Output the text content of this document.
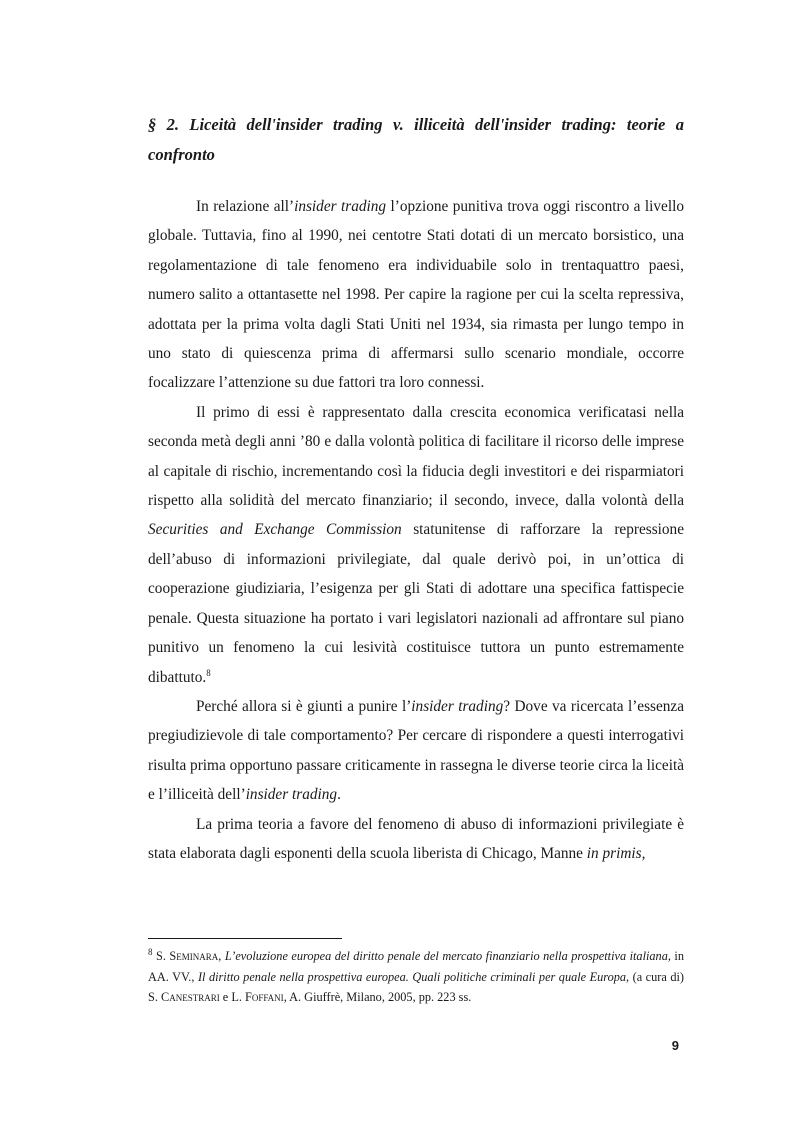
§ 2. Liceità dell'insider trading v. illiceità dell'insider trading: teorie a confronto

In relazione all’insider trading l’opzione punitiva trova oggi riscontro a livello globale. Tuttavia, fino al 1990, nei centotre Stati dotati di un mercato borsistico, una regolamentazione di tale fenomeno era individuabile solo in trentaquattro paesi, numero salito a ottantasette nel 1998. Per capire la ragione per cui la scelta repressiva, adottata per la prima volta dagli Stati Uniti nel 1934, sia rimasta per lungo tempo in uno stato di quiescenza prima di affermarsi sullo scenario mondiale, occorre focalizzare l’attenzione su due fattori tra loro connessi.

Il primo di essi è rappresentato dalla crescita economica verificatasi nella seconda metà degli anni ’80 e dalla volontà politica di facilitare il ricorso delle imprese al capitale di rischio, incrementando così la fiducia degli investitori e dei risparmiatori rispetto alla solidità del mercato finanziario; il secondo, invece, dalla volontà della Securities and Exchange Commission statunitense di rafforzare la repressione dell’abuso di informazioni privilegiate, dal quale derivò poi, in un’ottica di cooperazione giudiziaria, l’esigenza per gli Stati di adottare una specifica fattispecie penale. Questa situazione ha portato i vari legislatori nazionali ad affrontare sul piano punitivo un fenomeno la cui lesività costituisce tuttora un punto estremamente dibattuto.$^8$

Perché allora si è giunti a punire l’insider trading? Dove va ricercata l’essenza pregiudizievole di tale comportamento? Per cercare di rispondere a questi interrogativi risulta prima opportuno passare criticamente in rassegna le diverse teorie circa la liceità e l’illiceità dell’insider trading.

La prima teoria a favore del fenomeno di abuso di informazioni privilegiate è stata elaborata dagli esponenti della scuola liberista di Chicago, Manne in primis,

$^8$ S. Seminara, L’evoluzione europea del diritto penale del mercato finanziario nella prospettiva italiana, in AA. VV., Il diritto penale nella prospettiva europea. Quali politiche criminali per quale Europa, (a cura di) S. Canestrari e L. Foffani, A. Giuffrè, Milano, 2005, pp. 223 ss.

9
